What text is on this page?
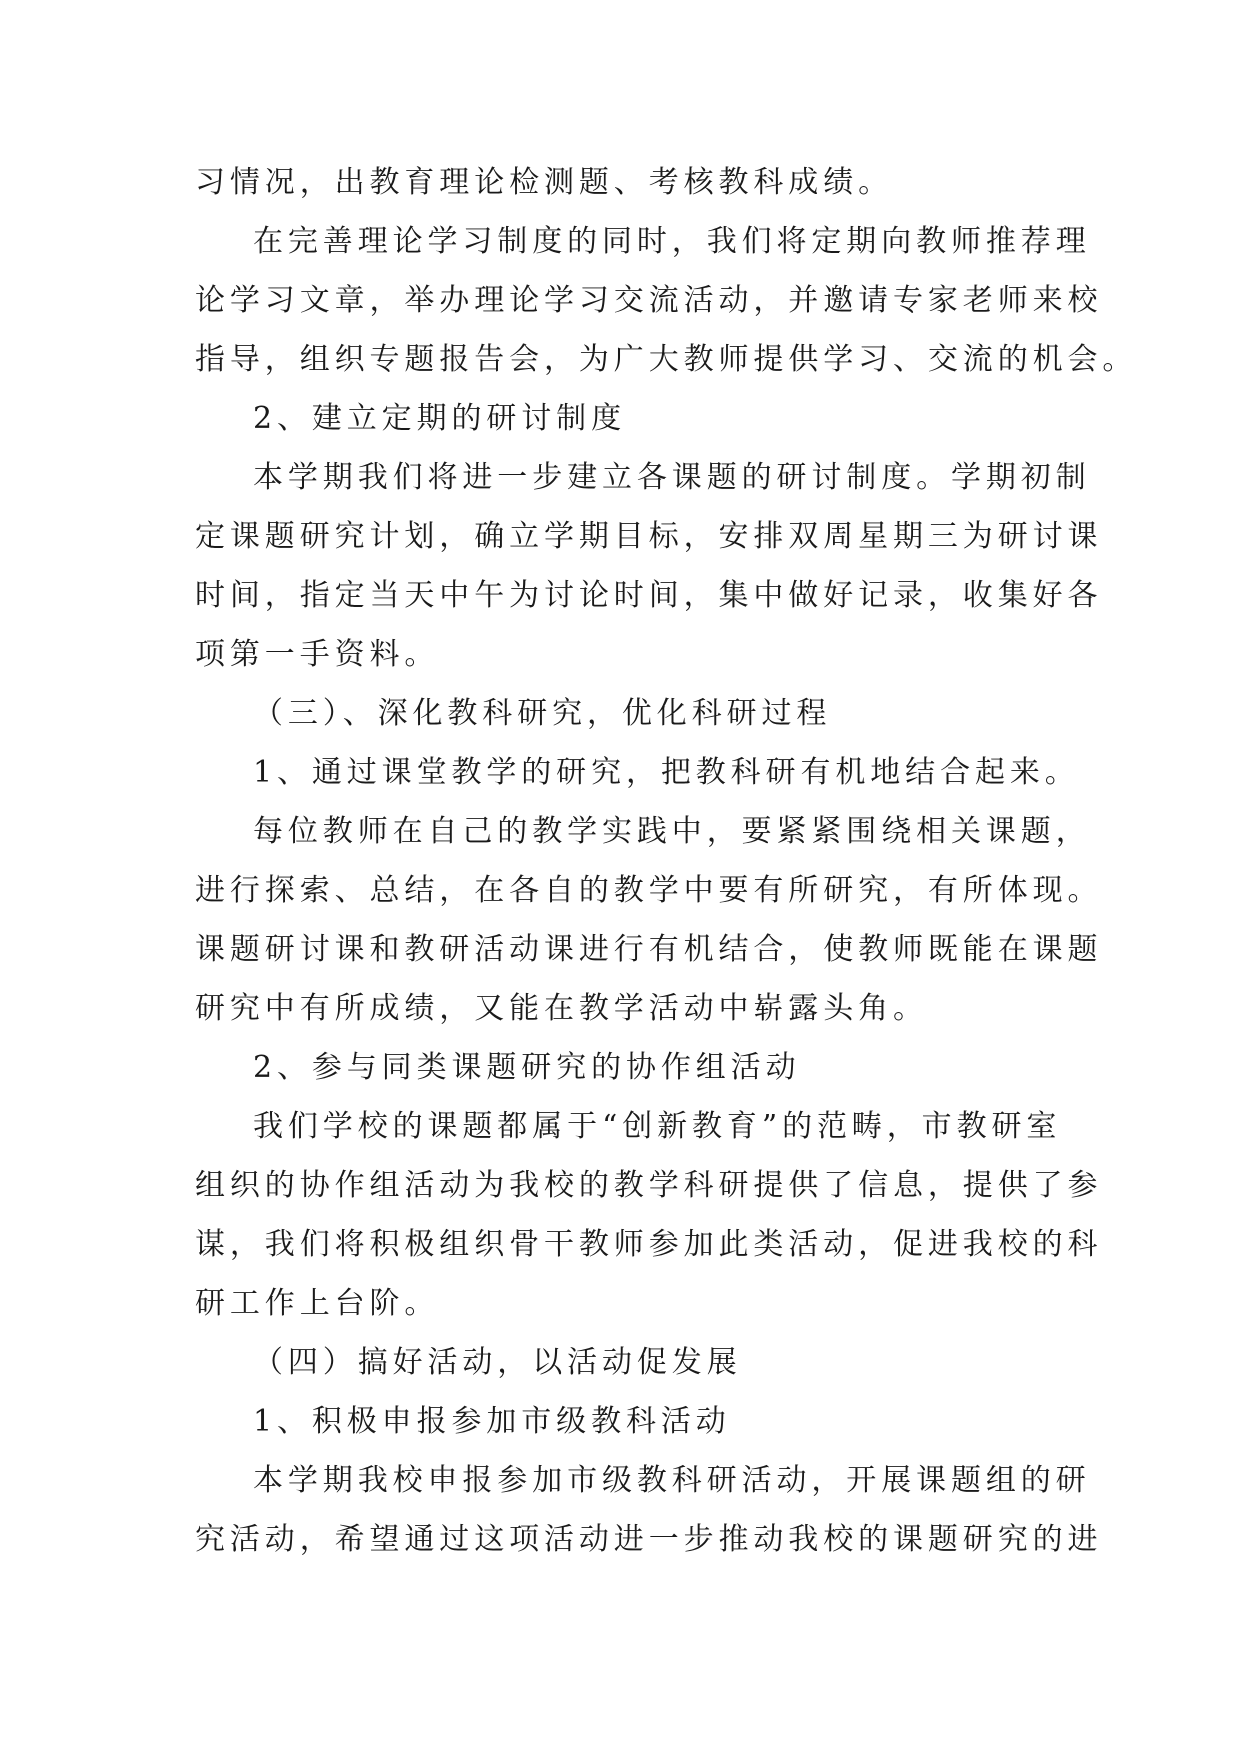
习情况，出教育理论检测题、考核教科成绩。
在完善理论学习制度的同时，我们将定期向教师推荐理
论学习文章，举办理论学习交流活动，并邀请专家老师来校
指导，组织专题报告会，为广大教师提供学习、交流的机会。
2、建立定期的研讨制度
本学期我们将进一步建立各课题的研讨制度。学期初制
定课题研究计划，确立学期目标，安排双周星期三为研讨课
时间，指定当天中午为讨论时间，集中做好记录，收集好各
项第一手资料。
（三）、深化教科研究，优化科研过程
1、通过课堂教学的研究，把教科研有机地结合起来。
每位教师在自己的教学实践中，要紧紧围绕相关课题，
进行探索、总结，在各自的教学中要有所研究，有所体现。
课题研讨课和教研活动课进行有机结合，使教师既能在课题
研究中有所成绩，又能在教学活动中崭露头角。
2、参与同类课题研究的协作组活动
我们学校的课题都属于“创新教育”的范畴，市教研室
组织的协作组活动为我校的教学科研提供了信息，提供了参
谋，我们将积极组织骨干教师参加此类活动，促进我校的科
研工作上台阶。
（四）搞好活动，以活动促发展
1、积极申报参加市级教科活动
本学期我校申报参加市级教科研活动，开展课题组的研
究活动，希望通过这项活动进一步推动我校的课题研究的进
